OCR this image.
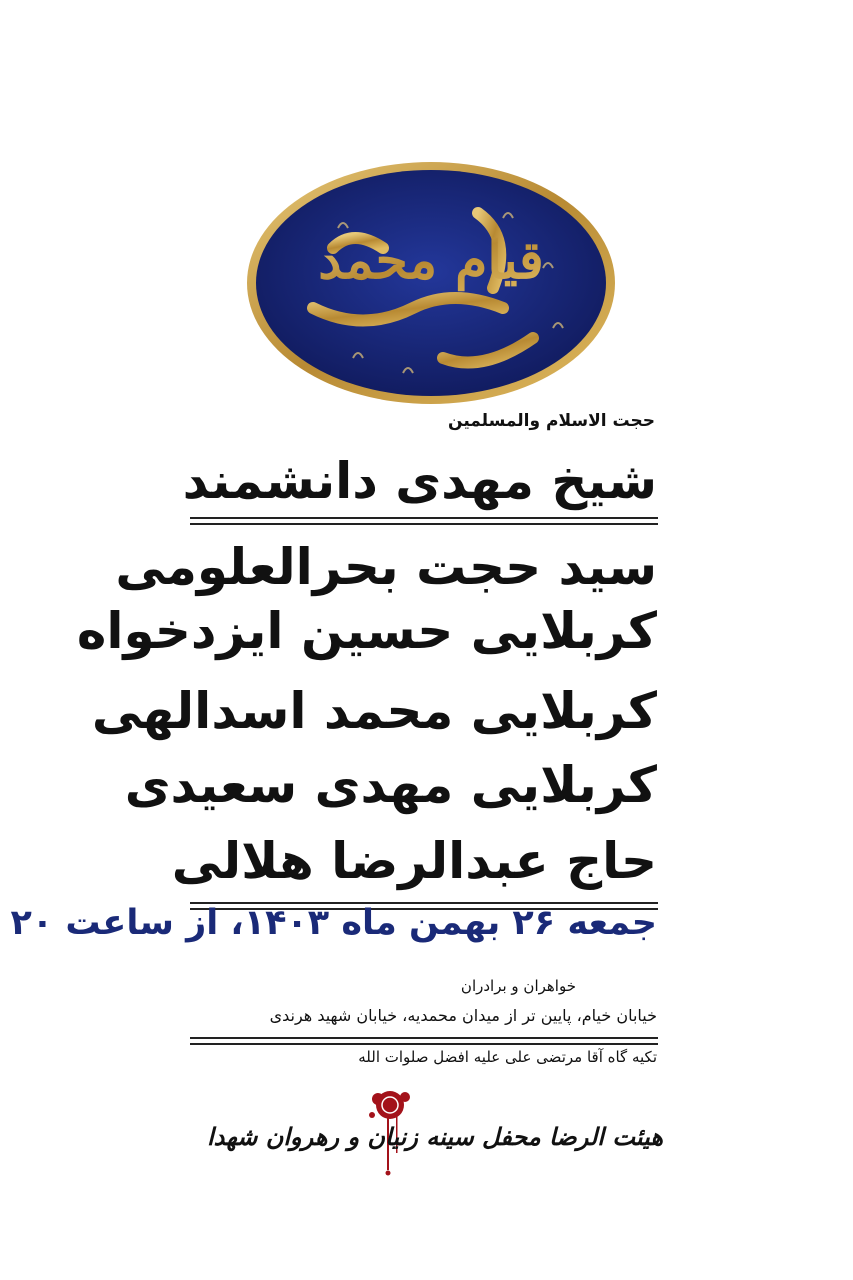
قیام محمد
حجت الاسلام والمسلمین
شیخ مهدی دانشمند
سید حجت بحرالعلومی
کربلایی حسین ایزدخواه
کربلایی محمد اسدالهی
کربلایی مهدی سعیدی
حاج عبدالرضا هلالی
جمعه ۲۶ بهمن ماه ۱۴۰۳، از ساعت ۲۰
خواهران و برادران
خیابان خیام، پایین تر از میدان محمدیه، خیابان شهید هرندی
تکیه گاه آقا مرتضی علی علیه افضل صلوات الله
هیئت الرضا محفل سینه زنیان و رهروان شهدا
